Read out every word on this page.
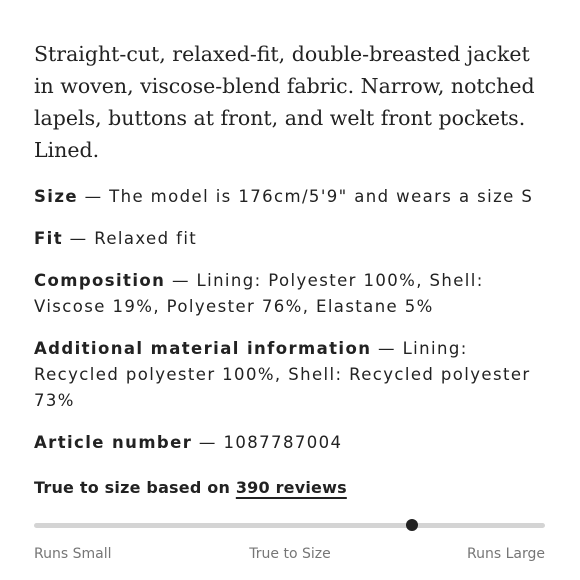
Straight-cut, relaxed-fit, double-breasted jacket in woven, viscose-blend fabric. Narrow, notched lapels, buttons at front, and welt front pockets. Lined.

Size — The model is 176cm/5'9" and wears a size S
Fit — Relaxed fit
Composition — Lining: Polyester 100%, Shell: Viscose 19%, Polyester 76%, Elastane 5%
Additional material information — Lining: Recycled polyester 100%, Shell: Recycled polyester 73%
Article number — 1087787004
True to size based on 390 reviews
Runs Small	True to Size	Runs Large
